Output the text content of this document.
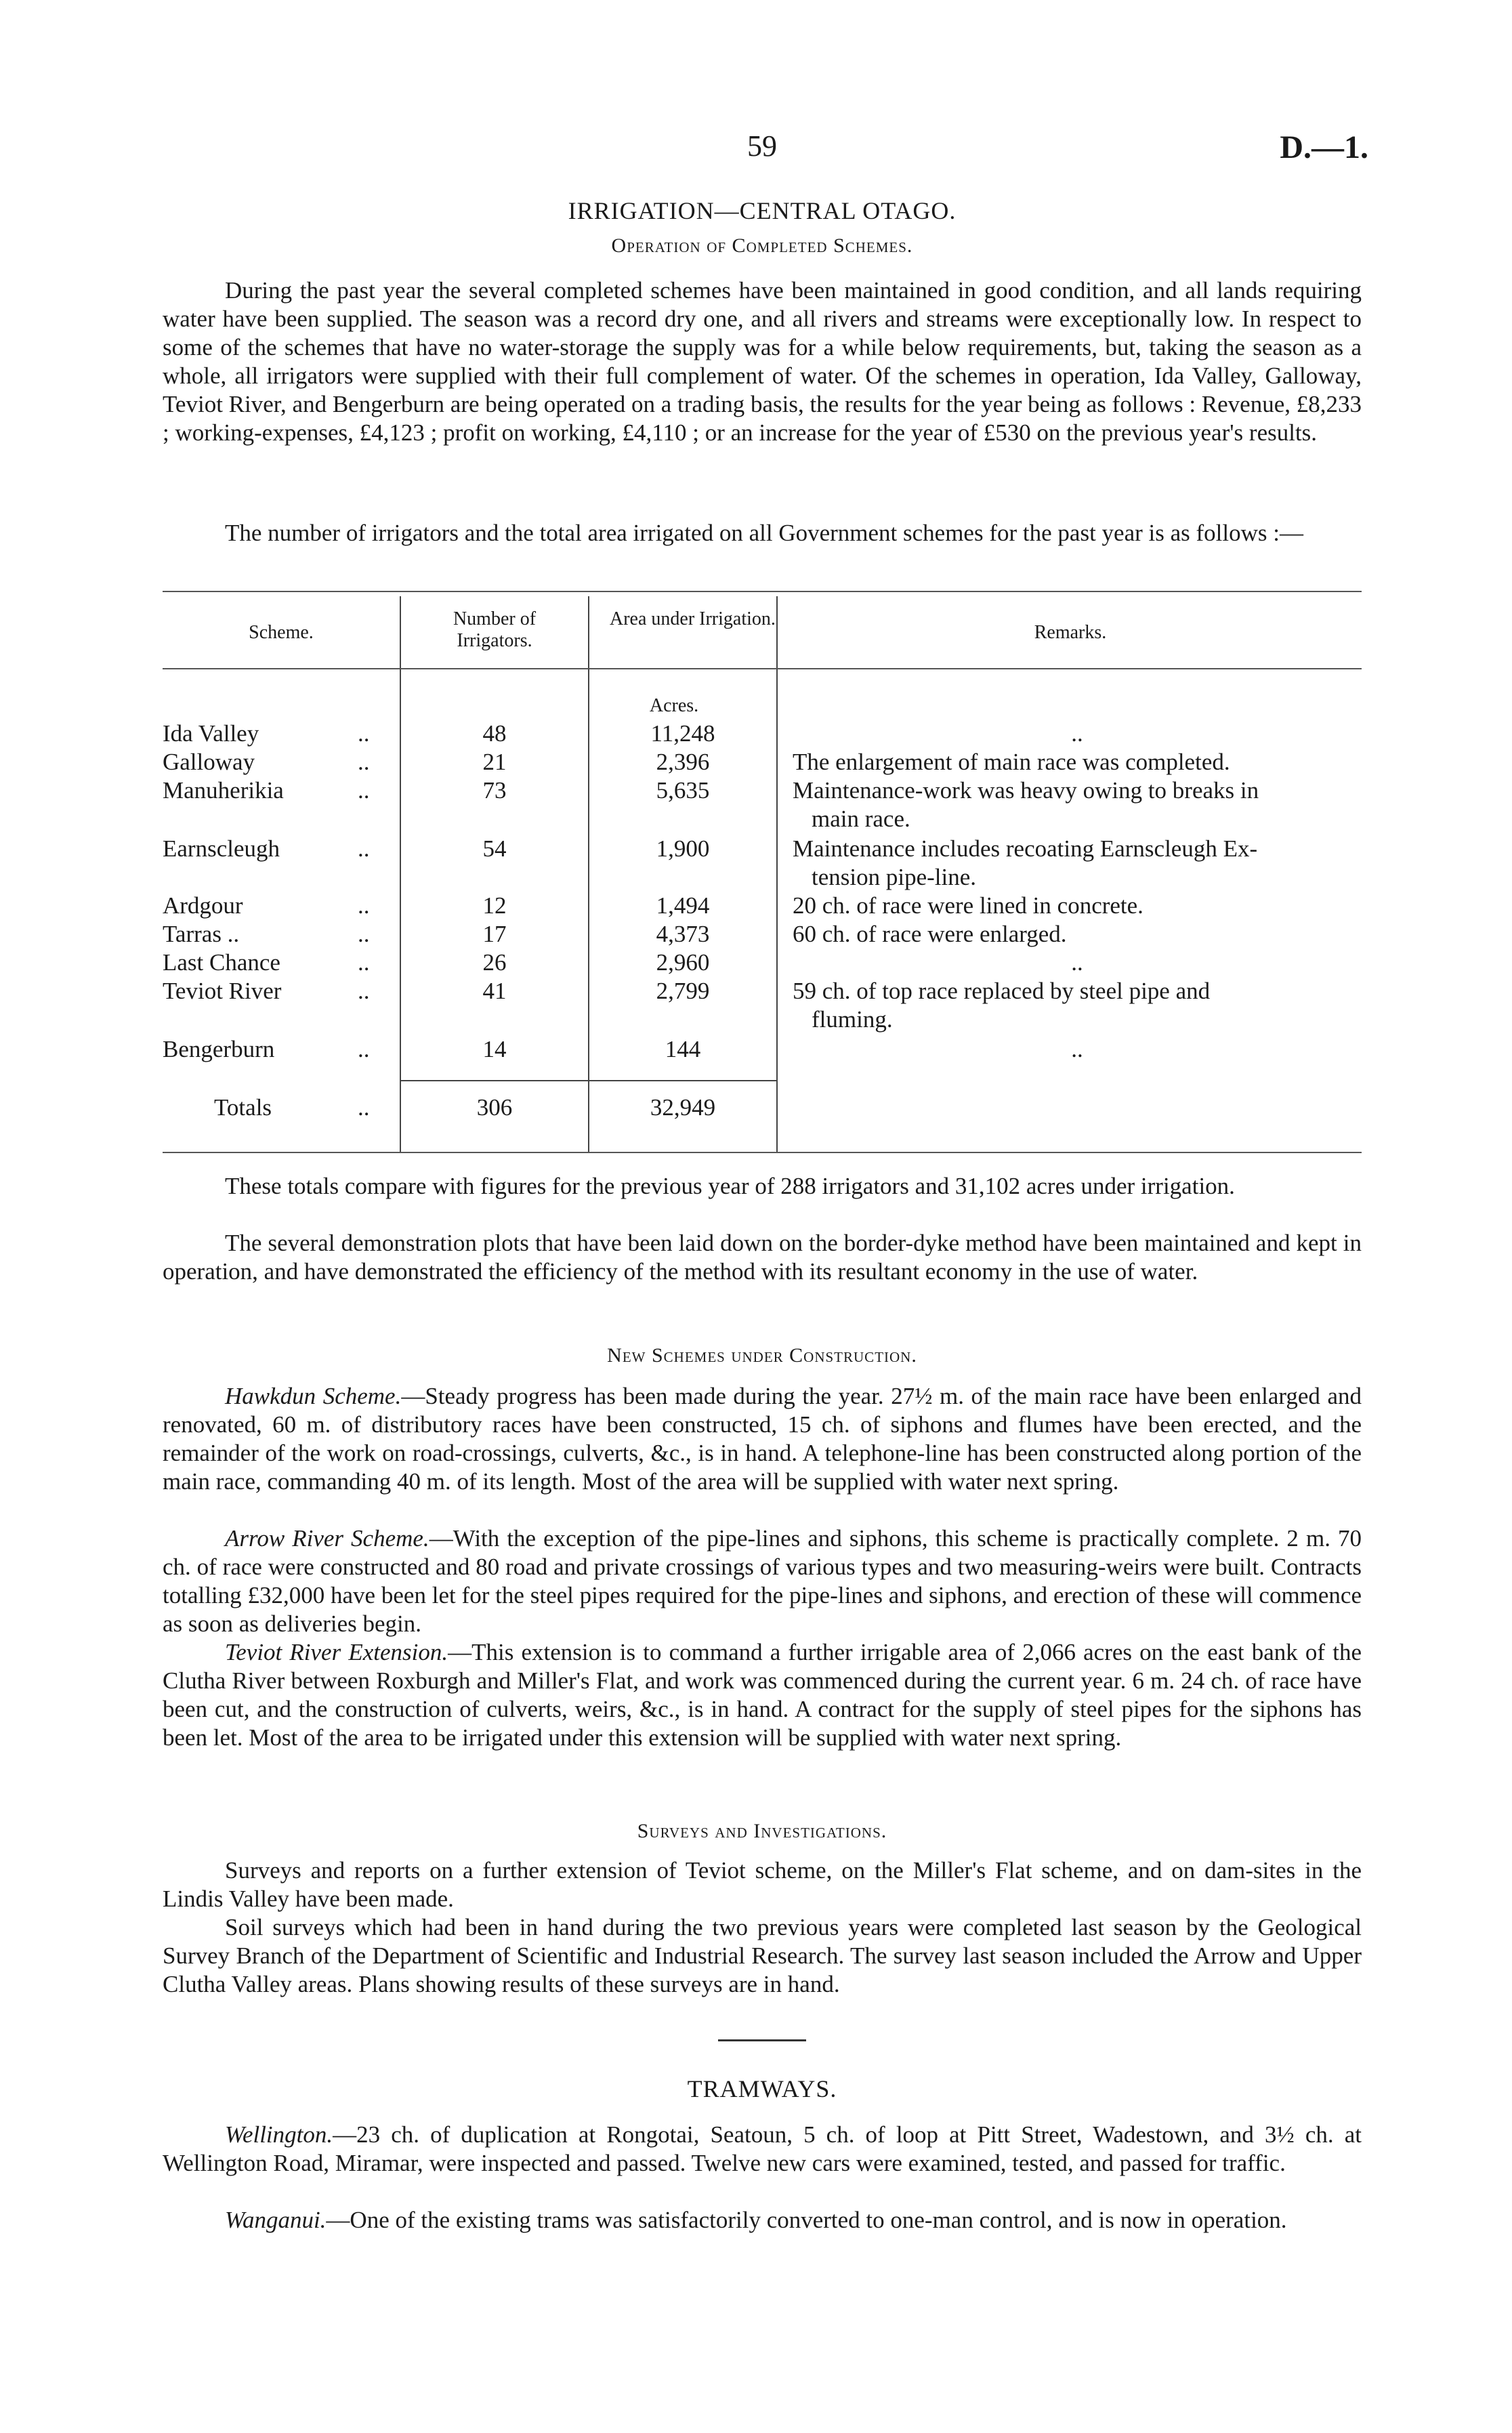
59	D.—1.
IRRIGATION—CENTRAL OTAGO.
Operation of Completed Schemes.

During the past year the several completed schemes have been maintained in good condition, and all lands requiring water have been supplied. The season was a record dry one, and all rivers and streams were exceptionally low. In respect to some of the schemes that have no water-storage the supply was for a while below requirements, but, taking the season as a whole, all irrigators were supplied with their full complement of water. Of the schemes in operation, Ida Valley, Galloway, Teviot River, and Bengerburn are being operated on a trading basis, the results for the year being as follows : Revenue, £8,233 ; working-expenses, £4,123 ; profit on working, £4,110 ; or an increase for the year of £530 on the previous year's results.

The number of irrigators and the total area irrigated on all Government schemes for the past year is as follows :—

Scheme.
Number of Irrigators.
Area under Irrigation.
Remarks.
Acres.
Ida Valley	..	48	11,248	..
Galloway	..	21	2,396	The enlargement of main race was completed.
Manuherikia	..	73	5,635	Maintenance-work was heavy owing to breaks in
main race.
Earnscleugh	..	54	1,900	Maintenance includes recoating Earnscleugh Ex-
tension pipe-line.
Ardgour	..	12	1,494	20 ch. of race were lined in concrete.
Tarras ..	..	17	4,373	60 ch. of race were enlarged.
Last Chance	..	26	2,960	..
Teviot River	..	41	2,799	59 ch. of top race replaced by steel pipe and
fluming.
Bengerburn	..	14	144	..
Totals	..	306	32,949

These totals compare with figures for the previous year of 288 irrigators and 31,102 acres under irrigation.

The several demonstration plots that have been laid down on the border-dyke method have been maintained and kept in operation, and have demonstrated the efficiency of the method with its resultant economy in the use of water.

New Schemes under Construction.

Hawkdun Scheme.—Steady progress has been made during the year. 27½ m. of the main race have been enlarged and renovated, 60 m. of distributory races have been constructed, 15 ch. of siphons and flumes have been erected, and the remainder of the work on road-crossings, culverts, &c., is in hand. A telephone-line has been constructed along portion of the main race, commanding 40 m. of its length. Most of the area will be supplied with water next spring.

Arrow River Scheme.—With the exception of the pipe-lines and siphons, this scheme is practically complete. 2 m. 70 ch. of race were constructed and 80 road and private crossings of various types and two measuring-weirs were built. Contracts totalling £32,000 have been let for the steel pipes required for the pipe-lines and siphons, and erection of these will commence as soon as deliveries begin.

Teviot River Extension.—This extension is to command a further irrigable area of 2,066 acres on the east bank of the Clutha River between Roxburgh and Miller's Flat, and work was commenced during the current year. 6 m. 24 ch. of race have been cut, and the construction of culverts, weirs, &c., is in hand. A contract for the supply of steel pipes for the siphons has been let. Most of the area to be irrigated under this extension will be supplied with water next spring.

Surveys and Investigations.

Surveys and reports on a further extension of Teviot scheme, on the Miller's Flat scheme, and on dam-sites in the Lindis Valley have been made.

Soil surveys which had been in hand during the two previous years were completed last season by the Geological Survey Branch of the Department of Scientific and Industrial Research. The survey last season included the Arrow and Upper Clutha Valley areas. Plans showing results of these surveys are in hand.

TRAMWAYS.

Wellington.—23 ch. of duplication at Rongotai, Seatoun, 5 ch. of loop at Pitt Street, Wadestown, and 3½ ch. at Wellington Road, Miramar, were inspected and passed. Twelve new cars were examined, tested, and passed for traffic.

Wanganui.—One of the existing trams was satisfactorily converted to one-man control, and is now in operation.
